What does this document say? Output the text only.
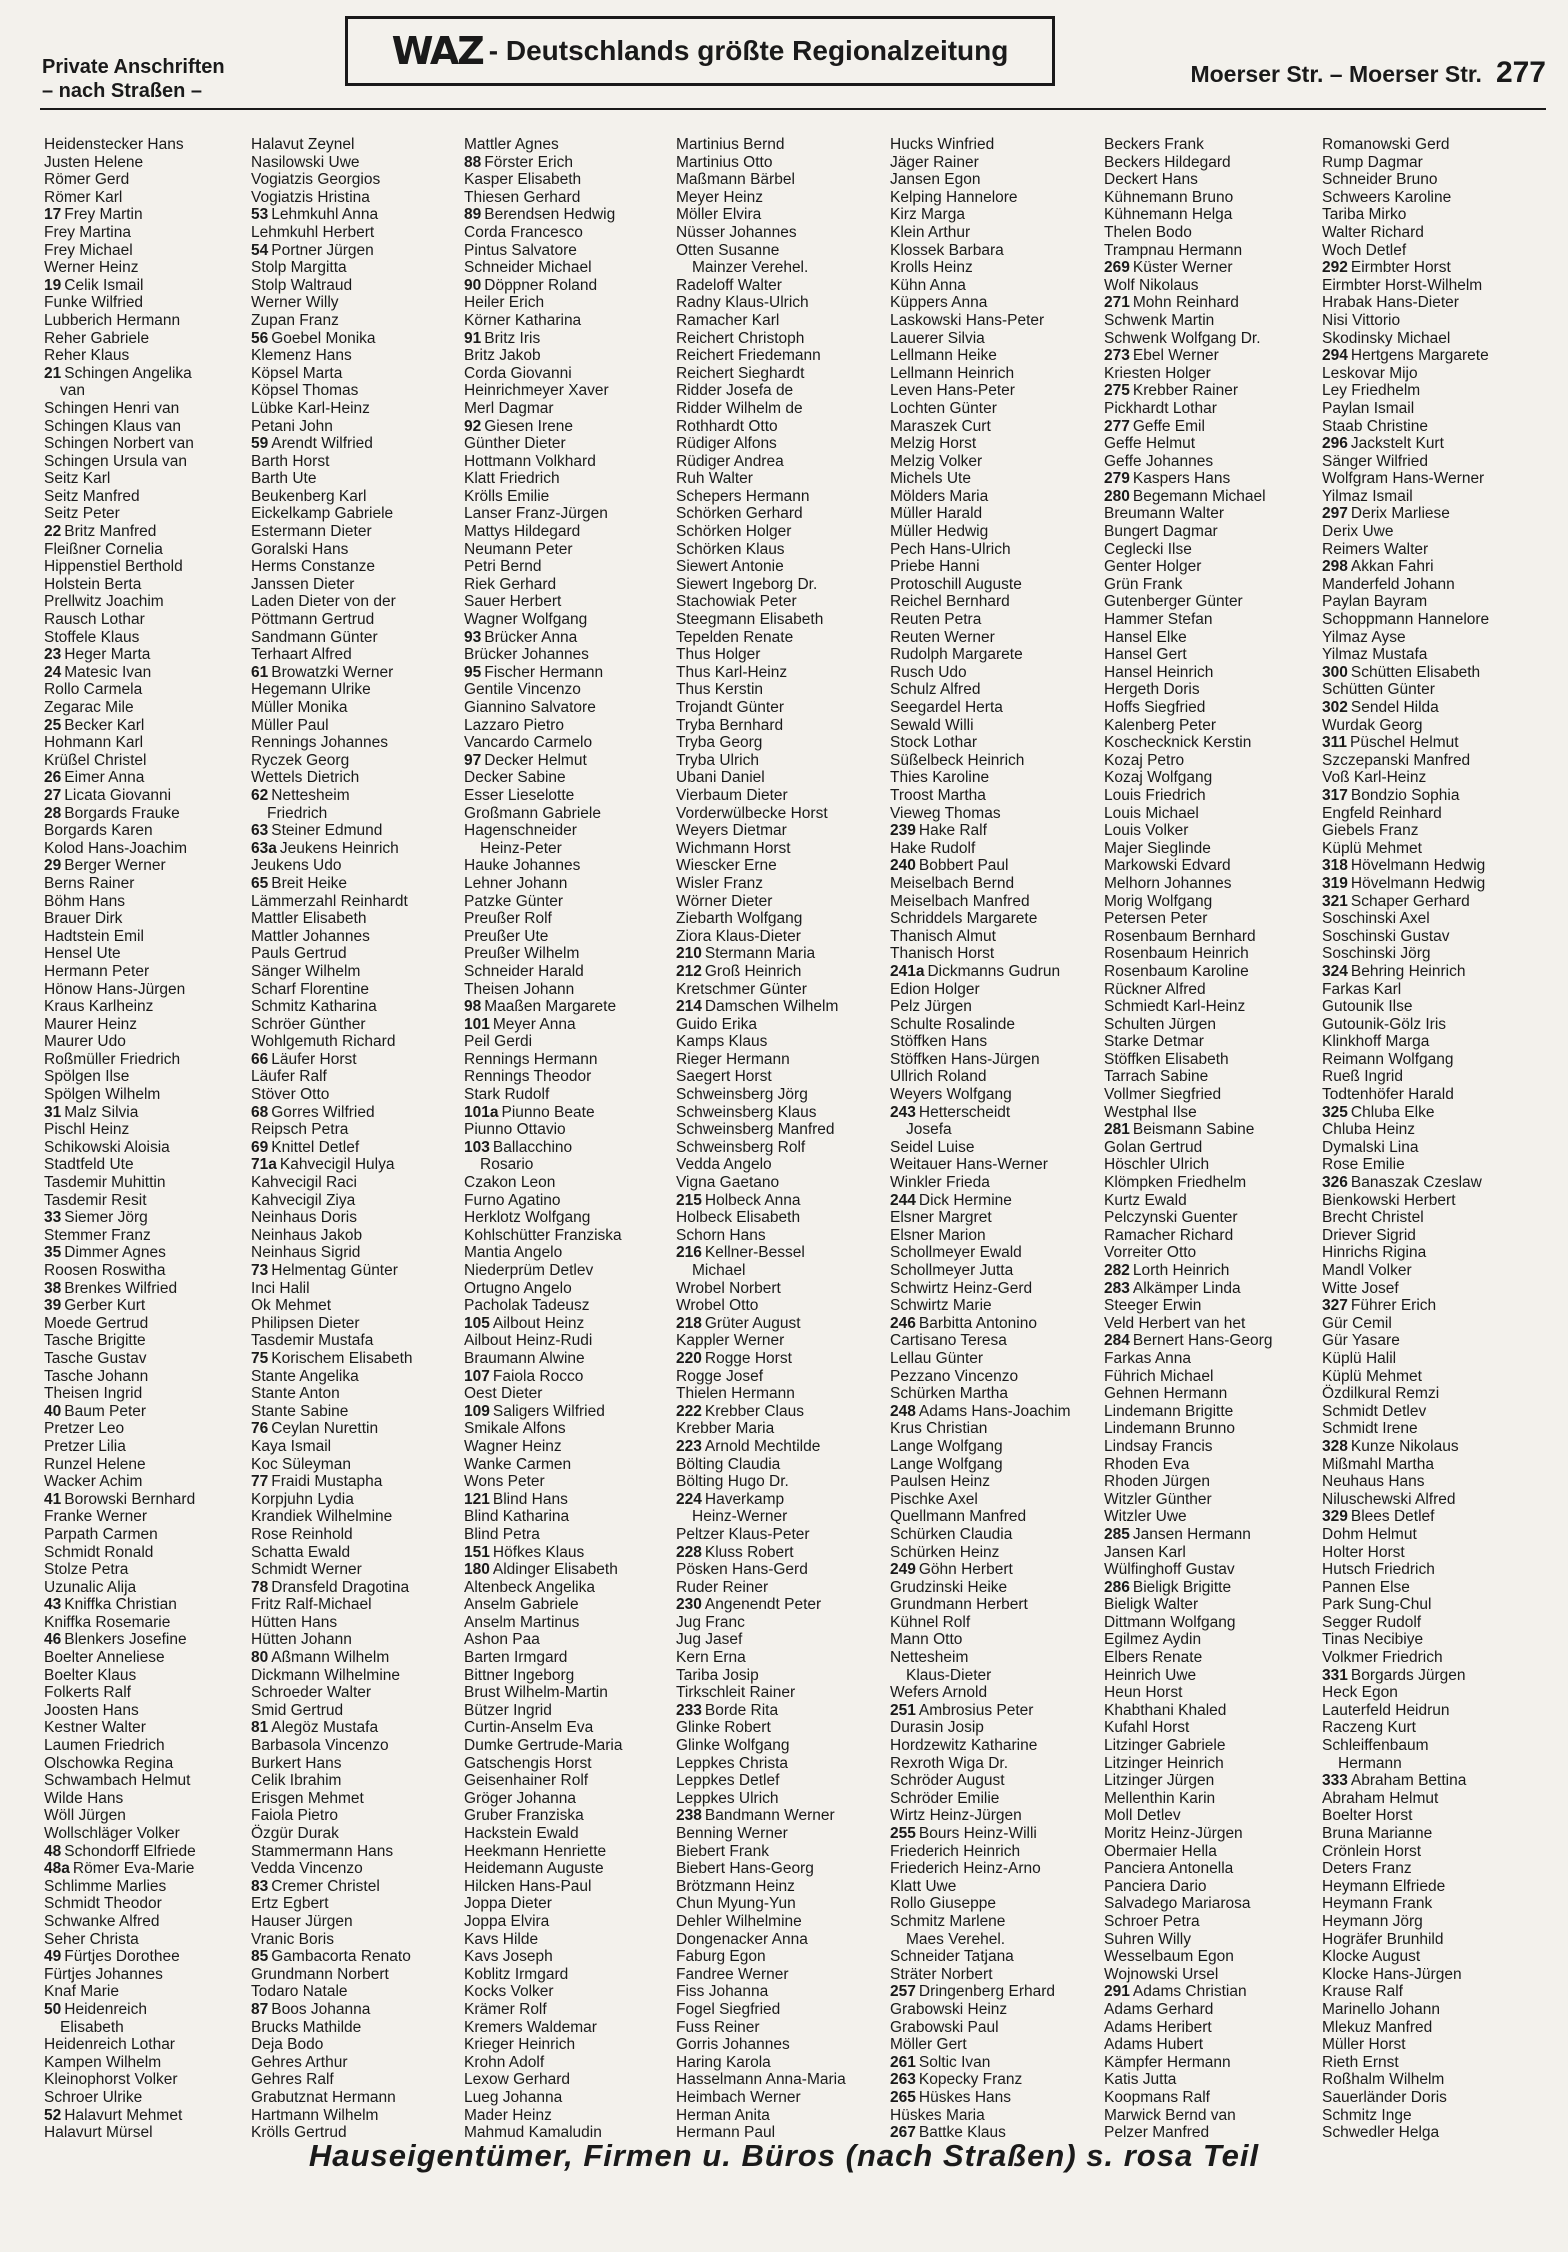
Private Anschriften
– nach Straßen –
WAZ - Deutschlands größte Regionalzeitung
Moerser Str. – Moerser Str. 277
Heidenstecker Hans
Justen Helene
Römer Gerd
Römer Karl
17 Frey Martin
Frey Martina
Frey Michael
Werner Heinz
19 Celik Ismail
Funke Wilfried
Lubberich Hermann
Reher Gabriele
Reher Klaus
21 Schingen Angelika
van
Schingen Henri van
Schingen Klaus van
Schingen Norbert van
Schingen Ursula van
Seitz Karl
Seitz Manfred
Seitz Peter
22 Britz Manfred
Fleißner Cornelia
Hippenstiel Berthold
Holstein Berta
Prellwitz Joachim
Rausch Lothar
Stoffele Klaus
23 Heger Marta
24 Matesic Ivan
Rollo Carmela
Zegarac Mile
25 Becker Karl
Hohmann Karl
Krüßel Christel
26 Eimer Anna
27 Licata Giovanni
28 Borgards Frauke
Borgards Karen
Kolod Hans-Joachim
29 Berger Werner
Berns Rainer
Böhm Hans
Brauer Dirk
Hadtstein Emil
Hensel Ute
Hermann Peter
Hönow Hans-Jürgen
Kraus Karlheinz
Maurer Heinz
Maurer Udo
Roßmüller Friedrich
Spölgen Ilse
Spölgen Wilhelm
31 Malz Silvia
Pischl Heinz
Schikowski Aloisia
Stadtfeld Ute
Tasdemir Muhittin
Tasdemir Resit
33 Siemer Jörg
Stemmer Franz
35 Dimmer Agnes
Roosen Roswitha
38 Brenkes Wilfried
39 Gerber Kurt
Moede Gertrud
Tasche Brigitte
Tasche Gustav
Tasche Johann
Theisen Ingrid
40 Baum Peter
Pretzer Leo
Pretzer Lilia
Runzel Helene
Wacker Achim
41 Borowski Bernhard
Franke Werner
Parpath Carmen
Schmidt Ronald
Stolze Petra
Uzunalic Alija
43 Kniffka Christian
Kniffka Rosemarie
46 Blenkers Josefine
Boelter Anneliese
Boelter Klaus
Folkerts Ralf
Joosten Hans
Kestner Walter
Laumen Friedrich
Olschowka Regina
Schwambach Helmut
Wilde Hans
Wöll Jürgen
Wollschläger Volker
48 Schondorff Elfriede
48a Römer Eva-Marie
Schlimme Marlies
Schmidt Theodor
Schwanke Alfred
Seher Christa
49 Fürtjes Dorothee
Fürtjes Johannes
Knaf Marie
50 Heidenreich
Elisabeth
Heidenreich Lothar
Kampen Wilhelm
Kleinophorst Volker
Schroer Ulrike
52 Halavurt Mehmet
Halavurt Mürsel
Halavut Zeynel
Nasilowski Uwe
Vogiatzis Georgios
Vogiatzis Hristina
53 Lehmkuhl Anna
Lehmkuhl Herbert
54 Portner Jürgen
Stolp Margitta
Stolp Waltraud
Werner Willy
Zupan Franz
56 Goebel Monika
Klemenz Hans
Köpsel Marta
Köpsel Thomas
Lübke Karl-Heinz
Petani John
59 Arendt Wilfried
Barth Horst
Barth Ute
Beukenberg Karl
Eickelkamp Gabriele
Estermann Dieter
Goralski Hans
Herms Constanze
Janssen Dieter
Laden Dieter von der
Pöttmann Gertrud
Sandmann Günter
Terhaart Alfred
61 Browatzki Werner
Hegemann Ulrike
Müller Monika
Müller Paul
Rennings Johannes
Ryczek Georg
Wettels Dietrich
62 Nettesheim
Friedrich
63 Steiner Edmund
63a Jeukens Heinrich
Jeukens Udo
65 Breit Heike
Lämmerzahl Reinhardt
Mattler Elisabeth
Mattler Johannes
Pauls Gertrud
Sänger Wilhelm
Scharf Florentine
Schmitz Katharina
Schröer Günther
Wohlgemuth Richard
66 Läufer Horst
Läufer Ralf
Stöver Otto
68 Gorres Wilfried
Reipsch Petra
69 Knittel Detlef
71a Kahvecigil Hulya
Kahvecigil Raci
Kahvecigil Ziya
Neinhaus Doris
Neinhaus Jakob
Neinhaus Sigrid
73 Helmentag Günter
Inci Halil
Ok Mehmet
Philipsen Dieter
Tasdemir Mustafa
75 Korischem Elisabeth
Stante Angelika
Stante Anton
Stante Sabine
76 Ceylan Nurettin
Kaya Ismail
Koc Süleyman
77 Fraidi Mustapha
Korpjuhn Lydia
Krandiek Wilhelmine
Rose Reinhold
Schatta Ewald
Schmidt Werner
78 Dransfeld Dragotina
Fritz Ralf-Michael
Hütten Hans
Hütten Johann
80 Aßmann Wilhelm
Dickmann Wilhelmine
Schroeder Walter
Smid Gertrud
81 Alegöz Mustafa
Barbasola Vincenzo
Burkert Hans
Celik Ibrahim
Erisgen Mehmet
Faiola Pietro
Özgür Durak
Stammermann Hans
Vedda Vincenzo
83 Cremer Christel
Ertz Egbert
Hauser Jürgen
Vranic Boris
85 Gambacorta Renato
Grundmann Norbert
Todaro Natale
87 Boos Johanna
Brucks Mathilde
Deja Bodo
Gehres Arthur
Gehres Ralf
Grabutznat Hermann
Hartmann Wilhelm
Krölls Gertrud
Mattler Agnes
88 Förster Erich
Kasper Elisabeth
Thiesen Gerhard
89 Berendsen Hedwig
Corda Francesco
Pintus Salvatore
Schneider Michael
90 Döppner Roland
Heiler Erich
Körner Katharina
91 Britz Iris
Britz Jakob
Corda Giovanni
Heinrichmeyer Xaver
Merl Dagmar
92 Giesen Irene
Günther Dieter
Hottmann Volkhard
Klatt Friedrich
Krölls Emilie
Lanser Franz-Jürgen
Mattys Hildegard
Neumann Peter
Petri Bernd
Riek Gerhard
Sauer Herbert
Wagner Wolfgang
93 Brücker Anna
Brücker Johannes
95 Fischer Hermann
Gentile Vincenzo
Giannino Salvatore
Lazzaro Pietro
Vancardo Carmelo
97 Decker Helmut
Decker Sabine
Esser Lieselotte
Großmann Gabriele
Hagenschneider
Heinz-Peter
Hauke Johannes
Lehner Johann
Patzke Günter
Preußer Rolf
Preußer Ute
Preußer Wilhelm
Schneider Harald
Theisen Johann
98 Maaßen Margarete
101 Meyer Anna
Peil Gerdi
Rennings Hermann
Rennings Theodor
Stark Rudolf
101a Piunno Beate
Piunno Ottavio
103 Ballacchino
Rosario
Czakon Leon
Furno Agatino
Herklotz Wolfgang
Kohlschütter Franziska
Mantia Angelo
Niederprüm Detlev
Ortugno Angelo
Pacholak Tadeusz
105 Ailbout Heinz
Ailbout Heinz-Rudi
Braumann Alwine
107 Faiola Rocco
Oest Dieter
109 Saligers Wilfried
Smikale Alfons
Wagner Heinz
Wanke Carmen
Wons Peter
121 Blind Hans
Blind Katharina
Blind Petra
151 Höfkes Klaus
180 Aldinger Elisabeth
Altenbeck Angelika
Anselm Gabriele
Anselm Martinus
Ashon Paa
Barten Irmgard
Bittner Ingeborg
Brust Wilhelm-Martin
Bützer Ingrid
Curtin-Anselm Eva
Dumke Gertrude-Maria
Gatschengis Horst
Geisenhainer Rolf
Gröger Johanna
Gruber Franziska
Hackstein Ewald
Heekmann Henriette
Heidemann Auguste
Hilcken Hans-Paul
Joppa Dieter
Joppa Elvira
Kavs Hilde
Kavs Joseph
Koblitz Irmgard
Kocks Volker
Krämer Rolf
Kremers Waldemar
Krieger Heinrich
Krohn Adolf
Lexow Gerhard
Lueg Johanna
Mader Heinz
Mahmud Kamaludin
Martinius Bernd
Martinius Otto
Maßmann Bärbel
Meyer Heinz
Möller Elvira
Nüsser Johannes
Otten Susanne
Mainzer Verehel.
Radeloff Walter
Radny Klaus-Ulrich
Ramacher Karl
Reichert Christoph
Reichert Friedemann
Reichert Sieghardt
Ridder Josefa de
Ridder Wilhelm de
Rothhardt Otto
Rüdiger Alfons
Rüdiger Andrea
Ruh Walter
Schepers Hermann
Schörken Gerhard
Schörken Holger
Schörken Klaus
Siewert Antonie
Siewert Ingeborg Dr.
Stachowiak Peter
Steegmann Elisabeth
Tepelden Renate
Thus Holger
Thus Karl-Heinz
Thus Kerstin
Trojandt Günter
Tryba Bernhard
Tryba Georg
Tryba Ulrich
Ubani Daniel
Vierbaum Dieter
Vorderwülbecke Horst
Weyers Dietmar
Wichmann Horst
Wiescker Erne
Wisler Franz
Wörner Dieter
Ziebarth Wolfgang
Ziora Klaus-Dieter
210 Stermann Maria
212 Groß Heinrich
Kretschmer Günter
214 Damschen Wilhelm
Guido Erika
Kamps Klaus
Rieger Hermann
Saegert Horst
Schweinsberg Jörg
Schweinsberg Klaus
Schweinsberg Manfred
Schweinsberg Rolf
Vedda Angelo
Vigna Gaetano
215 Holbeck Anna
Holbeck Elisabeth
Schorn Hans
216 Kellner-Bessel
Michael
Wrobel Norbert
Wrobel Otto
218 Grüter August
Kappler Werner
220 Rogge Horst
Rogge Josef
Thielen Hermann
222 Krebber Claus
Krebber Maria
223 Arnold Mechtilde
Bölting Claudia
Bölting Hugo Dr.
224 Haverkamp
Heinz-Werner
Peltzer Klaus-Peter
228 Kluss Robert
Pösken Hans-Gerd
Ruder Reiner
230 Angenendt Peter
Jug Franc
Jug Jasef
Kern Erna
Tariba Josip
Tirkschleit Rainer
233 Borde Rita
Glinke Robert
Glinke Wolfgang
Leppkes Christa
Leppkes Detlef
Leppkes Ulrich
238 Bandmann Werner
Benning Werner
Biebert Frank
Biebert Hans-Georg
Brötzmann Heinz
Chun Myung-Yun
Dehler Wilhelmine
Dongenacker Anna
Faburg Egon
Fandree Werner
Fiss Johanna
Fogel Siegfried
Fuss Reiner
Gorris Johannes
Haring Karola
Hasselmann Anna-Maria
Heimbach Werner
Herman Anita
Hermann Paul
Hucks Winfried
Jäger Rainer
Jansen Egon
Kelping Hannelore
Kirz Marga
Klein Arthur
Klossek Barbara
Krolls Heinz
Kühn Anna
Küppers Anna
Laskowski Hans-Peter
Lauerer Silvia
Lellmann Heike
Lellmann Heinrich
Leven Hans-Peter
Lochten Günter
Maraszek Curt
Melzig Horst
Melzig Volker
Michels Ute
Mölders Maria
Müller Harald
Müller Hedwig
Pech Hans-Ulrich
Priebe Hanni
Protoschill Auguste
Reichel Bernhard
Reuten Petra
Reuten Werner
Rudolph Margarete
Rusch Udo
Schulz Alfred
Seegardel Herta
Sewald Willi
Stock Lothar
Süßelbeck Heinrich
Thies Karoline
Troost Martha
Vieweg Thomas
239 Hake Ralf
Hake Rudolf
240 Bobbert Paul
Meiselbach Bernd
Meiselbach Manfred
Schriddels Margarete
Thanisch Almut
Thanisch Horst
241a Dickmanns Gudrun
Edion Holger
Pelz Jürgen
Schulte Rosalinde
Stöffken Hans
Stöffken Hans-Jürgen
Ullrich Roland
Weyers Wolfgang
243 Hetterscheidt
Josefa
Seidel Luise
Weitauer Hans-Werner
Winkler Frieda
244 Dick Hermine
Elsner Margret
Elsner Marion
Schollmeyer Ewald
Schollmeyer Jutta
Schwirtz Heinz-Gerd
Schwirtz Marie
246 Barbitta Antonino
Cartisano Teresa
Lellau Günter
Pezzano Vincenzo
Schürken Martha
248 Adams Hans-Joachim
Krus Christian
Lange Wolfgang
Lange Wolfgang
Paulsen Heinz
Pischke Axel
Quellmann Manfred
Schürken Claudia
Schürken Heinz
249 Göhn Herbert
Grudzinski Heike
Grundmann Herbert
Kühnel Rolf
Mann Otto
Nettesheim
Klaus-Dieter
Wefers Arnold
251 Ambrosius Peter
Durasin Josip
Hordzewitz Katharine
Rexroth Wiga Dr.
Schröder August
Schröder Emilie
Wirtz Heinz-Jürgen
255 Bours Heinz-Willi
Friederich Heinrich
Friederich Heinz-Arno
Klatt Uwe
Rollo Giuseppe
Schmitz Marlene
Maes Verehel.
Schneider Tatjana
Sträter Norbert
257 Dringenberg Erhard
Grabowski Heinz
Grabowski Paul
Möller Gert
261 Soltic Ivan
263 Kopecky Franz
265 Hüskes Hans
Hüskes Maria
267 Battke Klaus
Beckers Frank
Beckers Hildegard
Deckert Hans
Kühnemann Bruno
Kühnemann Helga
Thelen Bodo
Trampnau Hermann
269 Küster Werner
Wolf Nikolaus
271 Mohn Reinhard
Schwenk Martin
Schwenk Wolfgang Dr.
273 Ebel Werner
Kriesten Holger
275 Krebber Rainer
Pickhardt Lothar
277 Geffe Emil
Geffe Helmut
Geffe Johannes
279 Kaspers Hans
280 Begemann Michael
Breumann Walter
Bungert Dagmar
Ceglecki Ilse
Genter Holger
Grün Frank
Gutenberger Günter
Hammer Stefan
Hansel Elke
Hansel Gert
Hansel Heinrich
Hergeth Doris
Hoffs Siegfried
Kalenberg Peter
Koschecknick Kerstin
Kozaj Petro
Kozaj Wolfgang
Louis Friedrich
Louis Michael
Louis Volker
Majer Sieglinde
Markowski Edvard
Melhorn Johannes
Morig Wolfgang
Petersen Peter
Rosenbaum Bernhard
Rosenbaum Heinrich
Rosenbaum Karoline
Rückner Alfred
Schmiedt Karl-Heinz
Schulten Jürgen
Starke Detmar
Stöffken Elisabeth
Tarrach Sabine
Vollmer Siegfried
Westphal Ilse
281 Beismann Sabine
Golan Gertrud
Höschler Ulrich
Klömpken Friedhelm
Kurtz Ewald
Pelczynski Guenter
Ramacher Richard
Vorreiter Otto
282 Lorth Heinrich
283 Alkämper Linda
Steeger Erwin
Veld Herbert van het
284 Bernert Hans-Georg
Farkas Anna
Führich Michael
Gehnen Hermann
Lindemann Brigitte
Lindemann Brunno
Lindsay Francis
Rhoden Eva
Rhoden Jürgen
Witzler Günther
Witzler Uwe
285 Jansen Hermann
Jansen Karl
Wülfinghoff Gustav
286 Bieligk Brigitte
Bieligk Walter
Dittmann Wolfgang
Egilmez Aydin
Elbers Renate
Heinrich Uwe
Heun Horst
Khabthani Khaled
Kufahl Horst
Litzinger Gabriele
Litzinger Heinrich
Litzinger Jürgen
Mellenthin Karin
Moll Detlev
Moritz Heinz-Jürgen
Obermaier Hella
Panciera Antonella
Panciera Dario
Salvadego Mariarosa
Schroer Petra
Suhren Willy
Wesselbaum Egon
Wojnowski Ursel
291 Adams Christian
Adams Gerhard
Adams Heribert
Adams Hubert
Kämpfer Hermann
Katis Jutta
Koopmans Ralf
Marwick Bernd van
Pelzer Manfred
Romanowski Gerd
Rump Dagmar
Schneider Bruno
Schweers Karoline
Tariba Mirko
Walter Richard
Woch Detlef
292 Eirmbter Horst
Eirmbter Horst-Wilhelm
Hrabak Hans-Dieter
Nisi Vittorio
Skodinsky Michael
294 Hertgens Margarete
Leskovar Mijo
Ley Friedhelm
Paylan Ismail
Staab Christine
296 Jackstelt Kurt
Sänger Wilfried
Wolfgram Hans-Werner
Yilmaz Ismail
297 Derix Marliese
Derix Uwe
Reimers Walter
298 Akkan Fahri
Manderfeld Johann
Paylan Bayram
Schoppmann Hannelore
Yilmaz Ayse
Yilmaz Mustafa
300 Schütten Elisabeth
Schütten Günter
302 Sendel Hilda
Wurdak Georg
311 Püschel Helmut
Szczepanski Manfred
Voß Karl-Heinz
317 Bondzio Sophia
Engfeld Reinhard
Giebels Franz
Küplü Mehmet
318 Hövelmann Hedwig
319 Hövelmann Hedwig
321 Schaper Gerhard
Soschinski Axel
Soschinski Gustav
Soschinski Jörg
324 Behring Heinrich
Farkas Karl
Gutounik Ilse
Gutounik-Gölz Iris
Klinkhoff Marga
Reimann Wolfgang
Rueß Ingrid
Todtenhöfer Harald
325 Chluba Elke
Chluba Heinz
Dymalski Lina
Rose Emilie
326 Banaszak Czeslaw
Bienkowski Herbert
Brecht Christel
Driever Sigrid
Hinrichs Rigina
Mandl Volker
Witte Josef
327 Führer Erich
Gür Cemil
Gür Yasare
Küplü Halil
Küplü Mehmet
Özdilkural Remzi
Schmidt Detlev
Schmidt Irene
328 Kunze Nikolaus
Mißmahl Martha
Neuhaus Hans
Niluschewski Alfred
329 Blees Detlef
Dohm Helmut
Holter Horst
Hutsch Friedrich
Pannen Else
Park Sung-Chul
Segger Rudolf
Tinas Necibiye
Volkmer Friedrich
331 Borgards Jürgen
Heck Egon
Lauterfeld Heidrun
Raczeng Kurt
Schleiffenbaum
Hermann
333 Abraham Bettina
Abraham Helmut
Boelter Horst
Bruna Marianne
Crönlein Horst
Deters Franz
Heymann Elfriede
Heymann Frank
Heymann Jörg
Hogräfer Brunhild
Klocke August
Klocke Hans-Jürgen
Krause Ralf
Marinello Johann
Mlekuz Manfred
Müller Horst
Rieth Ernst
Roßhalm Wilhelm
Sauerländer Doris
Schmitz Inge
Schwedler Helga
Hauseigentümer, Firmen u. Büros (nach Straßen) s. rosa Teil
